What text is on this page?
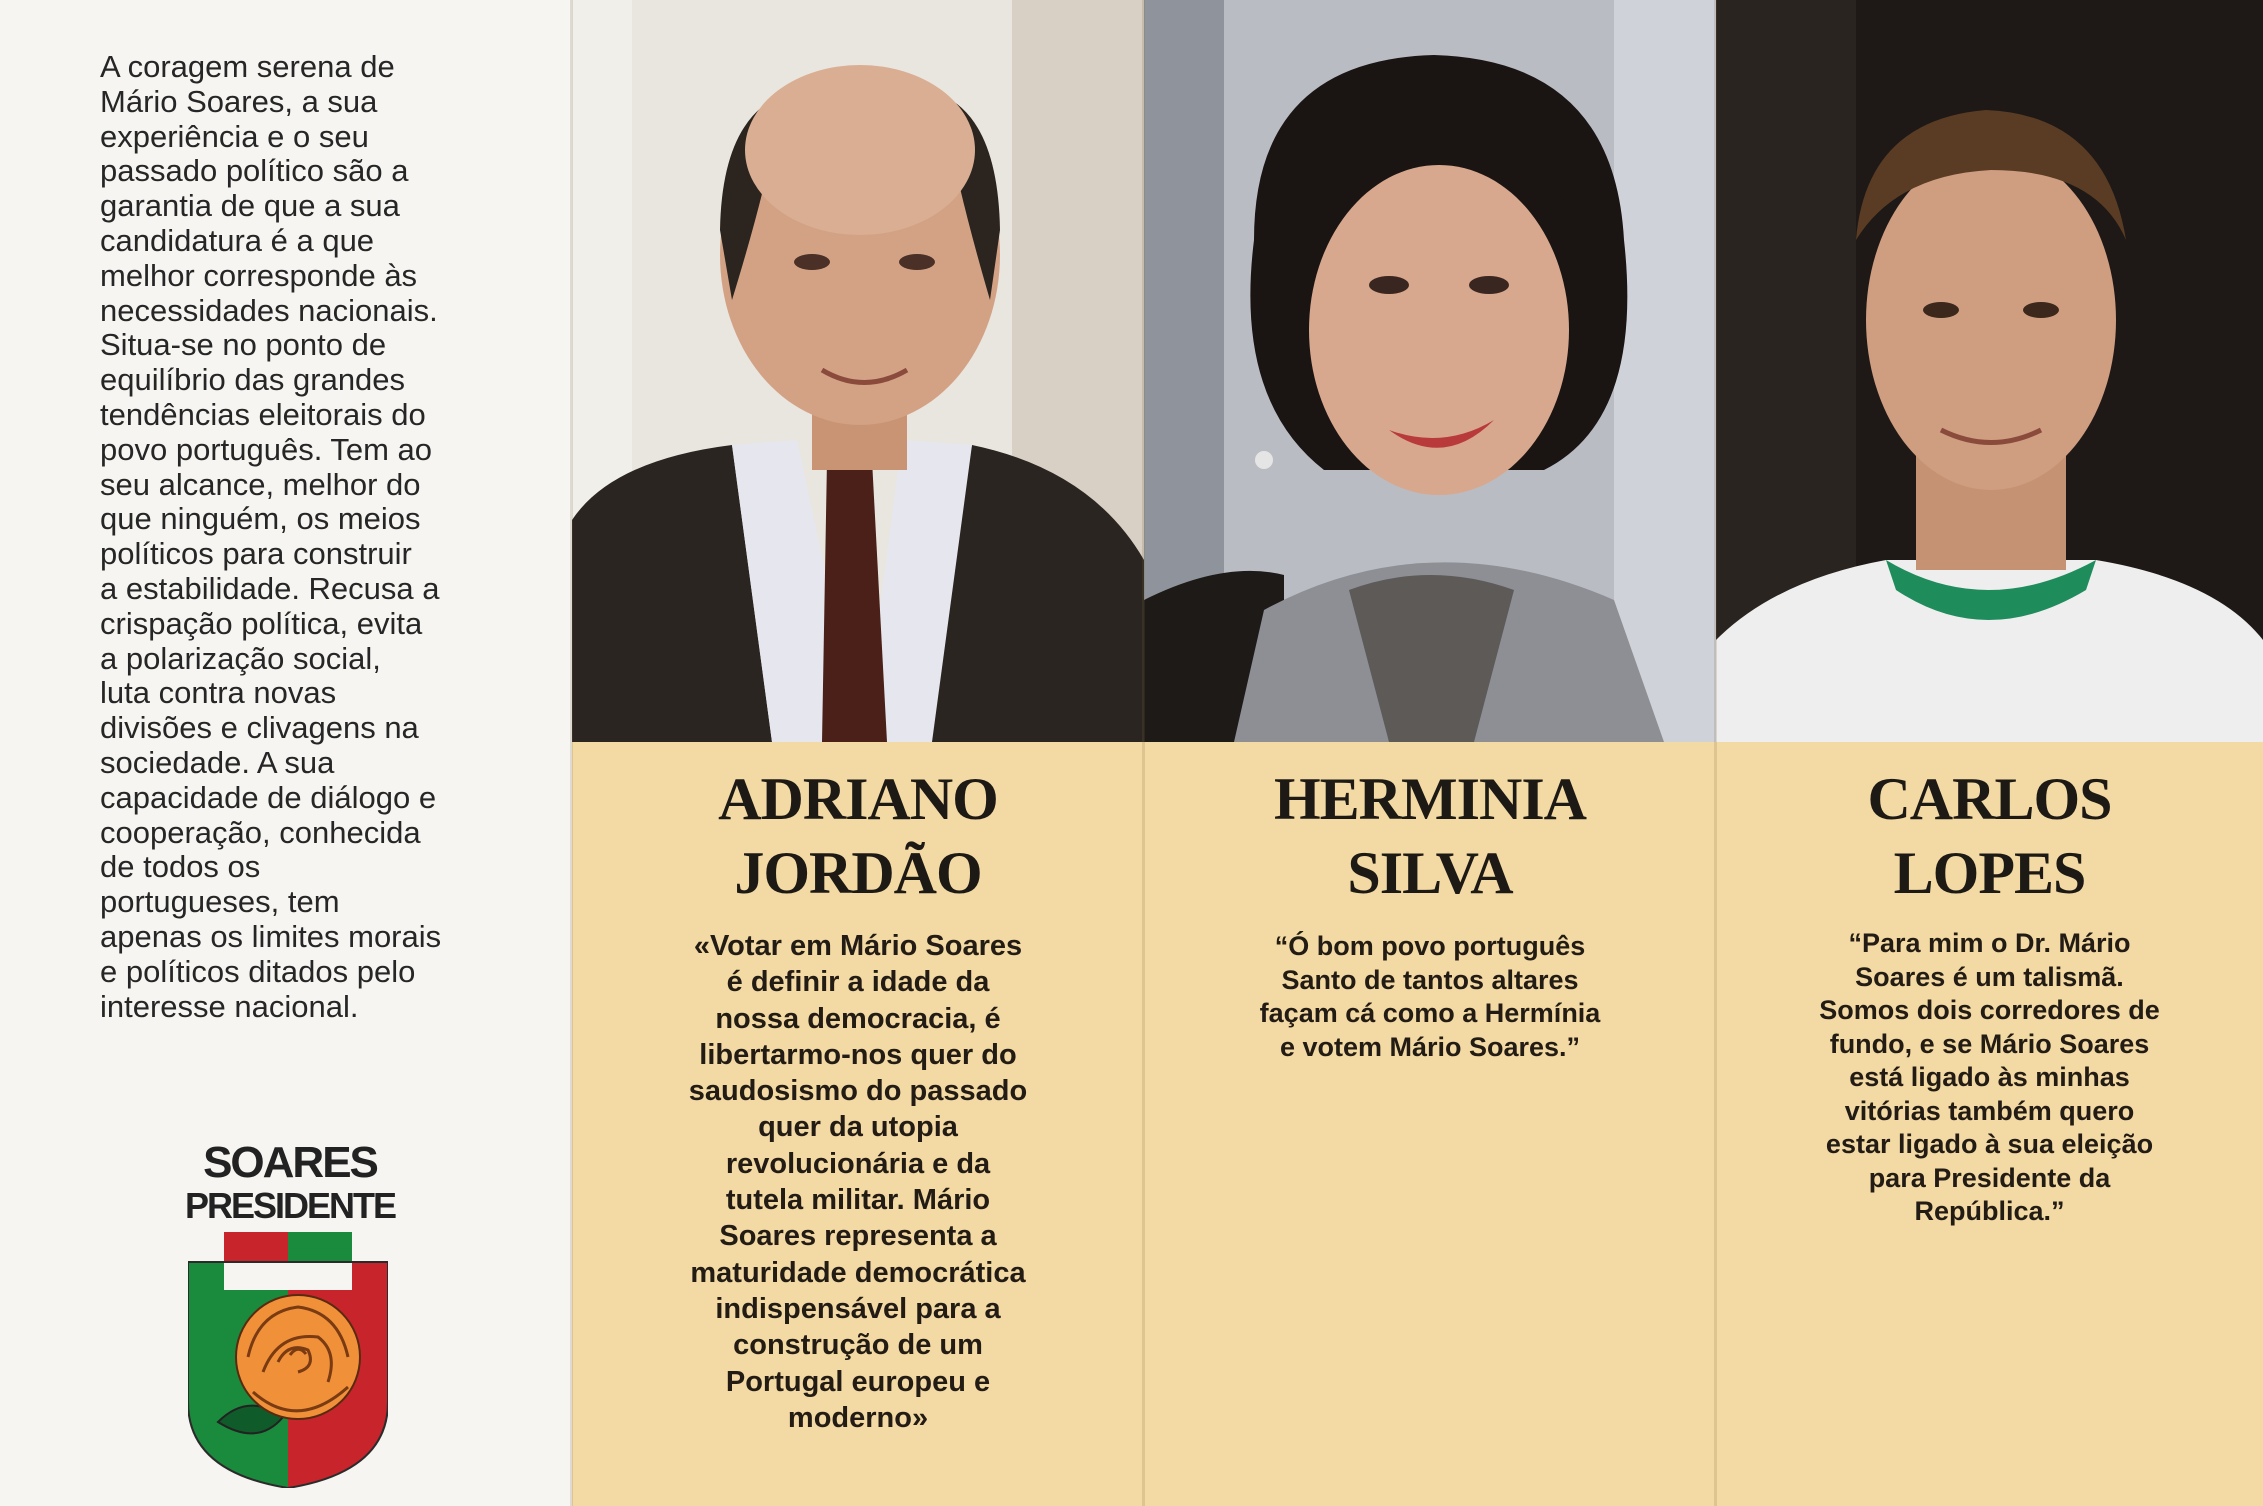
A coragem serena de
Mário Soares, a sua
experiência e o seu
passado político são a
garantia de que a sua
candidatura é a que
melhor corresponde às
necessidades nacionais.
Situa-se no ponto de
equilíbrio das grandes
tendências eleitorais do
povo português. Tem ao
seu alcance, melhor do
que ninguém, os meios
políticos para construir
a estabilidade. Recusa a
crispação política, evita
a polarização social,
luta contra novas
divisões e clivagens na
sociedade. A sua
capacidade de diálogo e
cooperação, conhecida
de todos os
portugueses, tem
apenas os limites morais
e políticos ditados pelo
interesse nacional.
SOARES
PRESIDENTE
ADRIANO
JORDÃO
«Votar em Mário Soares
é definir a idade da
nossa democracia, é
libertarmo-nos quer do
saudosismo do passado
quer da utopia
revolucionária e da
tutela militar. Mário
Soares representa a
maturidade democrática
indispensável para a
construção de um
Portugal europeu e
moderno»
HERMINIA
SILVA
“Ó bom povo português
Santo de tantos altares
façam cá como a Hermínia
e votem Mário Soares.”
CARLOS
LOPES
“Para mim o Dr. Mário
Soares é um talismã.
Somos dois corredores de
fundo, e se Mário Soares
está ligado às minhas
vitórias também quero
estar ligado à sua eleição
para Presidente da
República.”
